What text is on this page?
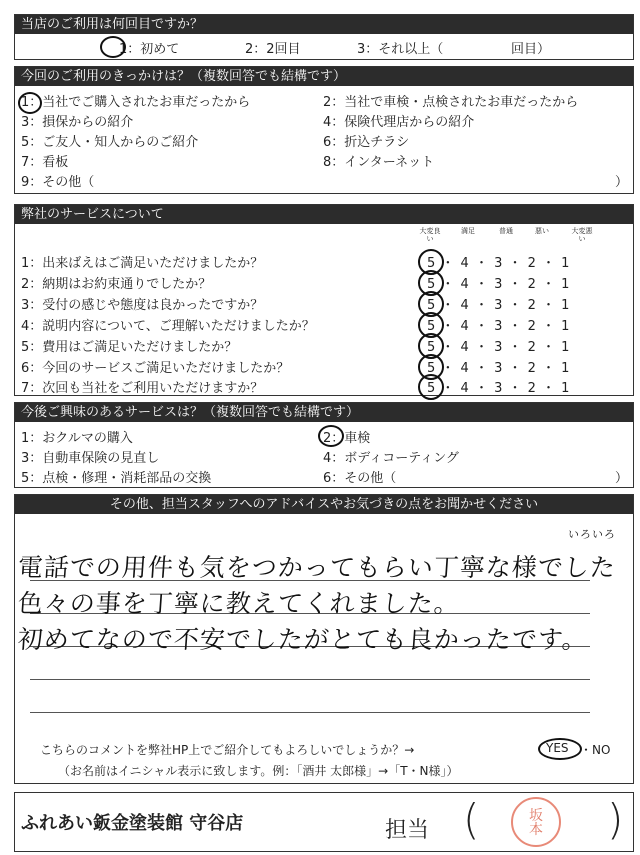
当店のご利用は何回目ですか？
1：初めて	2：2回目	3：それ以上（	回目）
今回のご利用のきっかけは？（複数回答でも結構です）
1：当社でご購入されたお車だったから	2：当社で車検・点検されたお車だったから
3：損保からの紹介	4：保険代理店からの紹介
5：ご友人・知人からのご紹介	6：折込チラシ
7：看板	8：インターネット
9：その他（	）
弊社のサービスについて
大変良い
満足	普通	悪い	大変悪い
1：出来ばえはご満足いただけましたか？	5 ・ 4 ・ 3 ・ 2 ・ 1
2：納期はお約束通りでしたか？	5 ・ 4 ・ 3 ・ 2 ・ 1
3：受付の感じや態度は良かったですか？	5 ・ 4 ・ 3 ・ 2 ・ 1
4：説明内容について、ご理解いただけましたか？	5 ・ 4 ・ 3 ・ 2 ・ 1
5：費用はご満足いただけましたか？	5 ・ 4 ・ 3 ・ 2 ・ 1
6：今回のサービスご満足いただけましたか？	5 ・ 4 ・ 3 ・ 2 ・ 1
7：次回も当社をご利用いただけますか？	5 ・ 4 ・ 3 ・ 2 ・ 1
今後ご興味のあるサービスは？（複数回答でも結構です）
1：おクルマの購入	2：車検
3：自動車保険の見直し	4：ボディコーティング
5：点検・修理・消耗部品の交換	6：その他（	）
その他、担当スタッフへのアドバイスやお気づきの点をお聞かせください
いろいろ
電話での用件も気をつかってもらい丁寧な様でした
色々の事を丁寧に教えてくれました。
初めてなので不安でしたがとても良かったです。
こちらのコメントを弊社HP上でご紹介してもよろしいでしょうか？→	YES ・NO
（お名前はイニシャル表示に致します。例：「酒井 太郎様」→「T・N様」）
ふれあい鈑金塗装館 守谷店	担当 (	)
坂本
